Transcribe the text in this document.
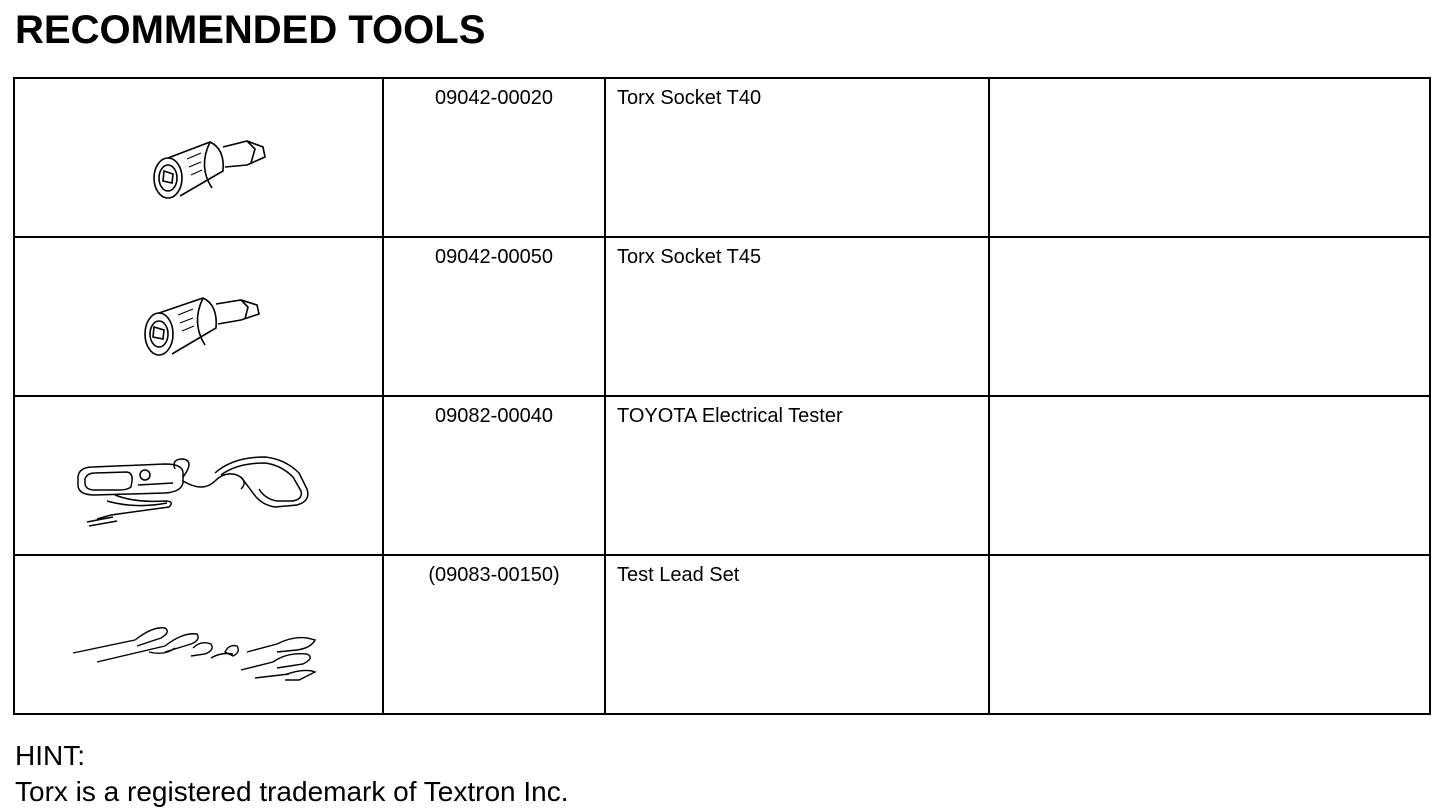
RECOMMENDED TOOLS

09042-00020	Torx Socket T40	

09042-00050	Torx Socket T45	

09082-00040	TOYOTA Electrical Tester	

(09083-00150)	Test Lead Set	

HINT:
Torx is a registered trademark of Textron Inc.
